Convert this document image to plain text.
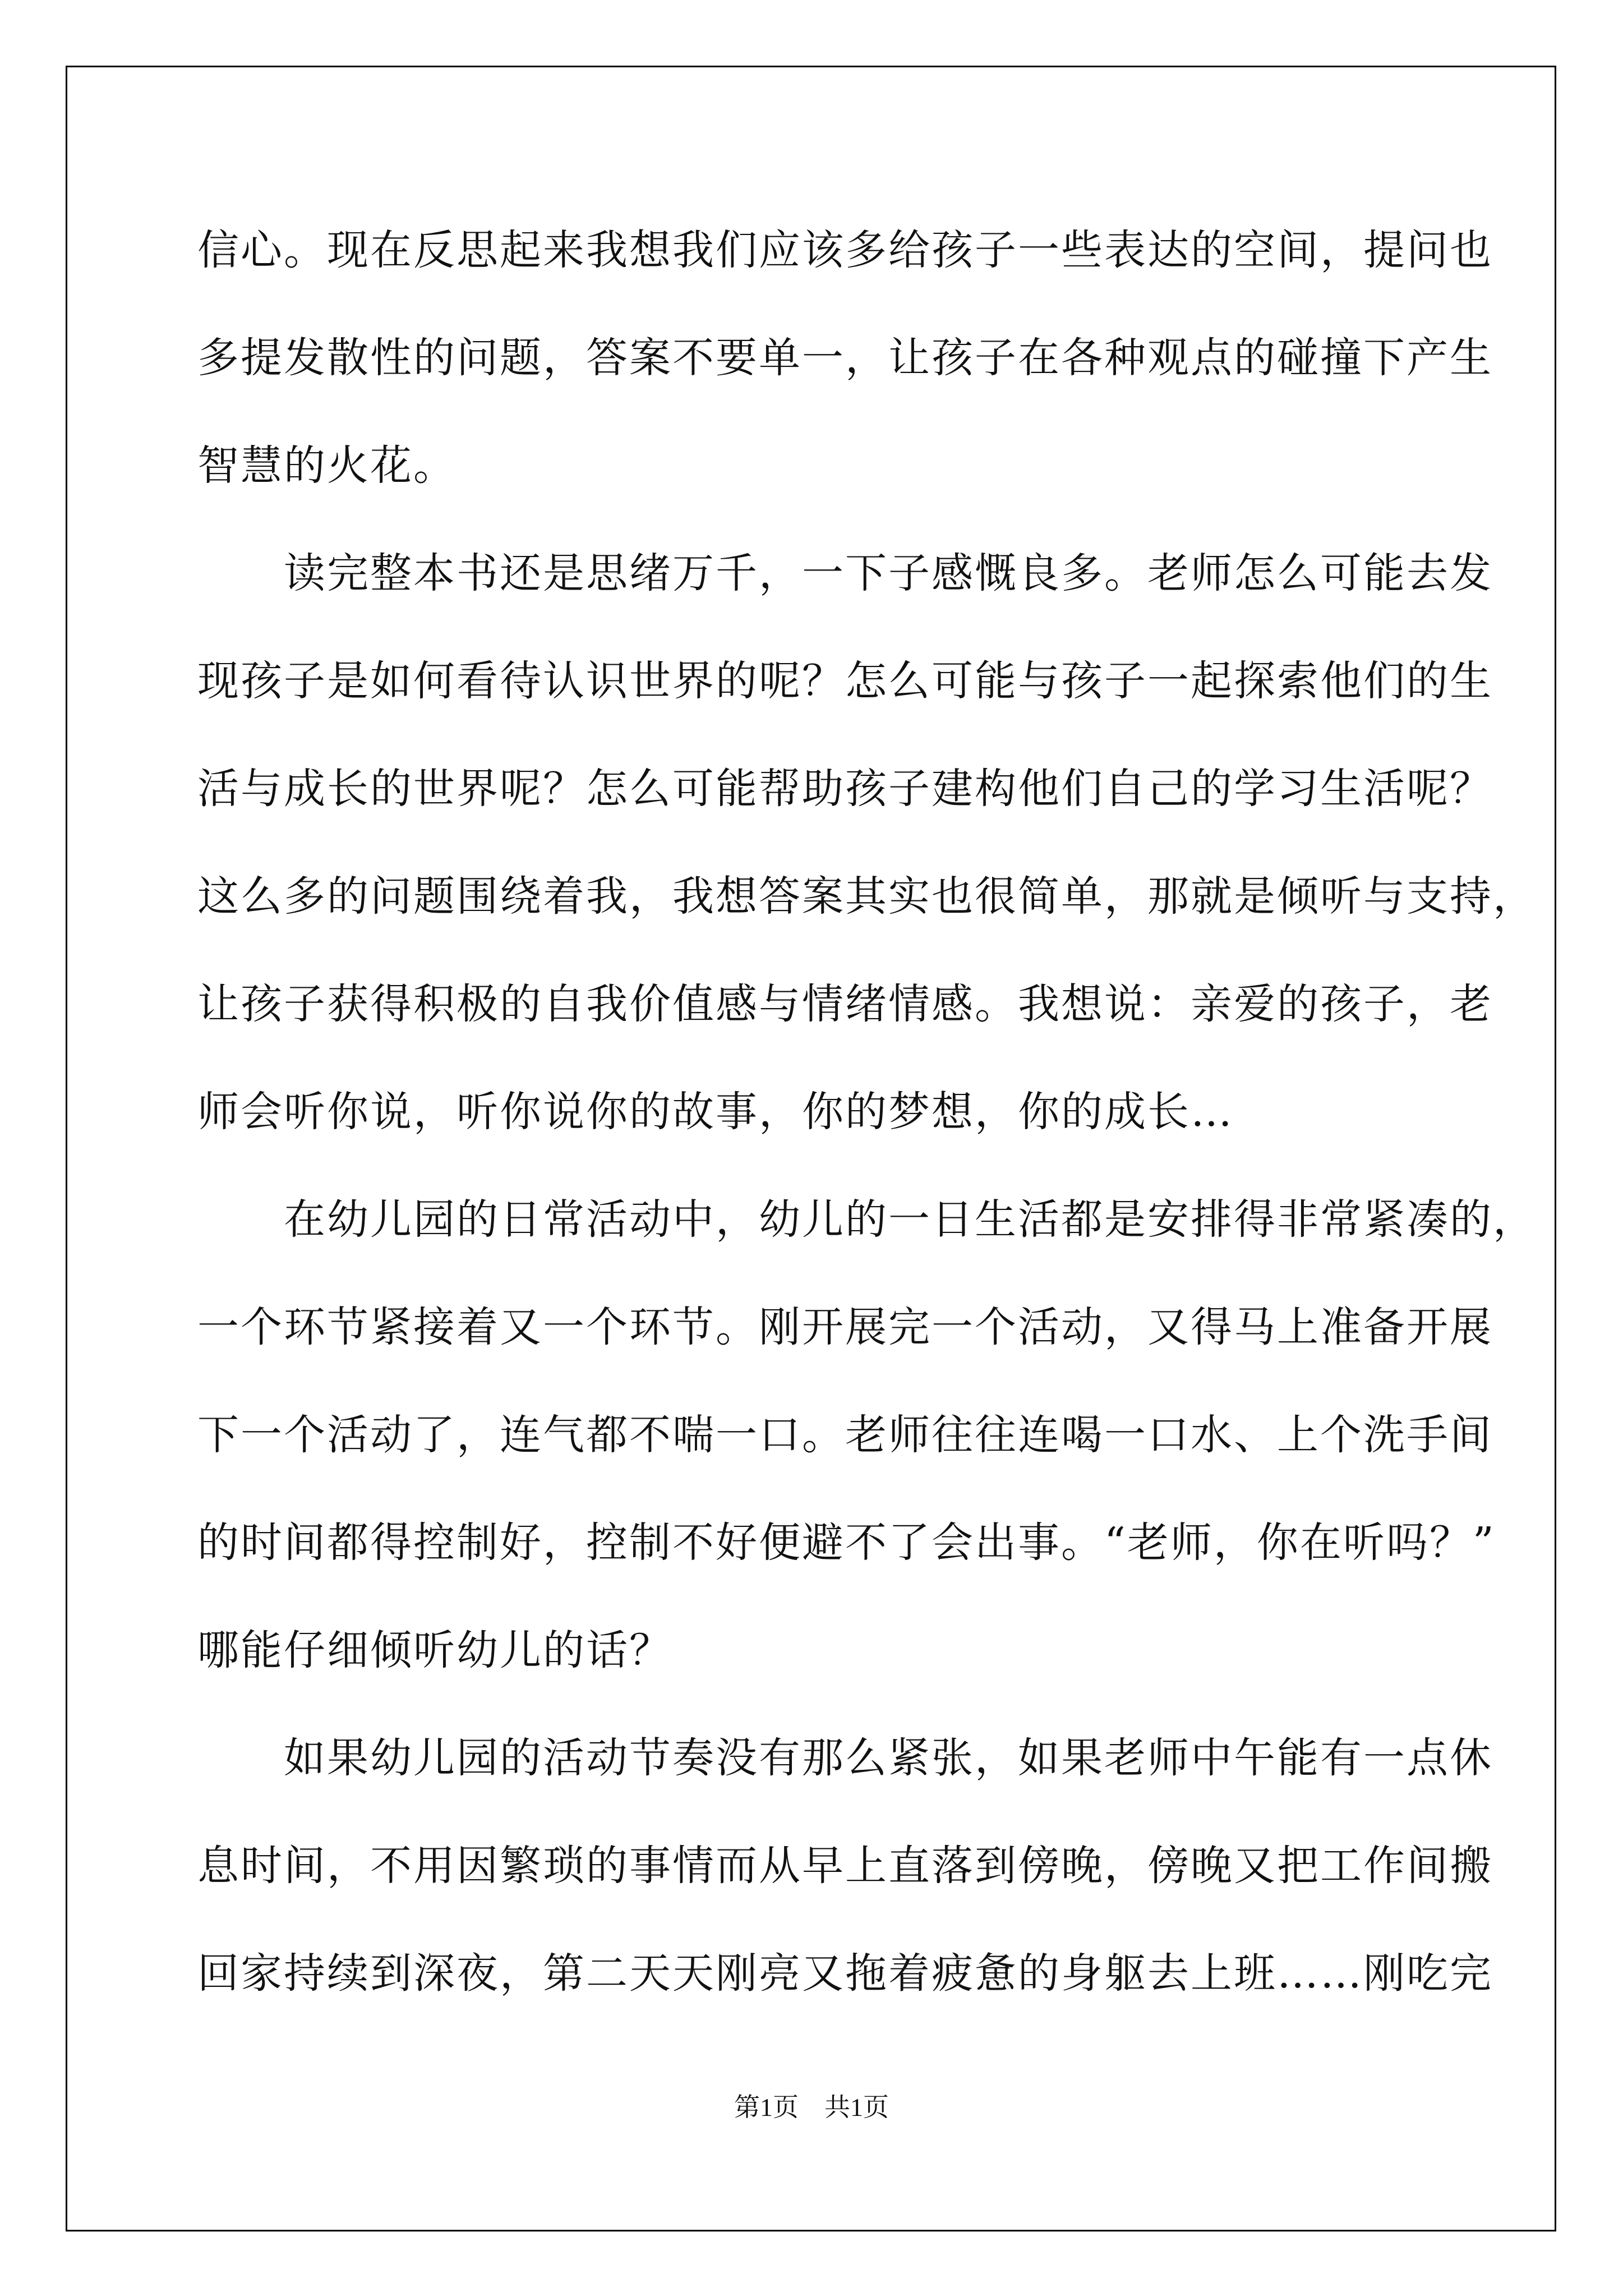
信心。现在反思起来我想我们应该多给孩子一些表达的空间，提问也
多提发散性的问题，答案不要单一，让孩子在各种观点的碰撞下产生
智慧的火花。
　　读完整本书还是思绪万千，一下子感慨良多。老师怎么可能去发
现孩子是如何看待认识世界的呢？怎么可能与孩子一起探索他们的生
活与成长的世界呢？怎么可能帮助孩子建构他们自己的学习生活呢？
这么多的问题围绕着我，我想答案其实也很简单，那就是倾听与支持，
让孩子获得积极的自我价值感与情绪情感。我想说：亲爱的孩子，老
师会听你说，听你说你的故事，你的梦想，你的成长…
　　在幼儿园的日常活动中，幼儿的一日生活都是安排得非常紧凑的，
一个环节紧接着又一个环节。刚开展完一个活动，又得马上准备开展
下一个活动了，连气都不喘一口。老师往往连喝一口水、上个洗手间
的时间都得控制好，控制不好便避不了会出事。“老师，你在听吗？”
哪能仔细倾听幼儿的话？
　　如果幼儿园的活动节奏没有那么紧张，如果老师中午能有一点休
息时间，不用因繁琐的事情而从早上直落到傍晚，傍晚又把工作间搬
回家持续到深夜，第二天天刚亮又拖着疲惫的身躯去上班……刚吃完
第1页　共1页
